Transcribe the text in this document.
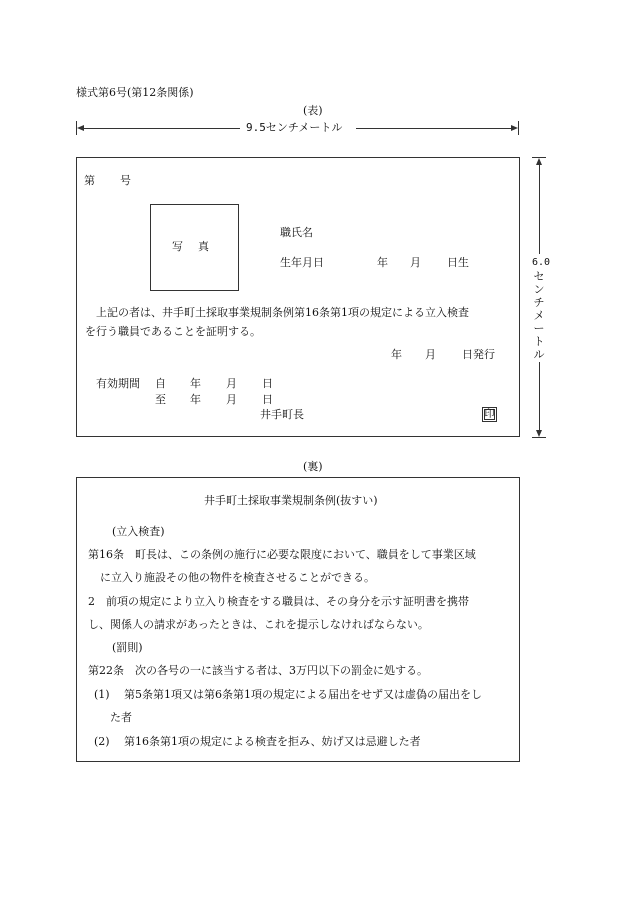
様式第6号(第12条関係)
(表)
9.5センチメートル
第 号
写　真
職氏名
生年月日	年 月 日生
上記の者は、井手町土採取事業規制条例第16条第1項の規定による立入検査
を行う職員であることを証明する。
年 月 日発行
有効期間 自 年 月 日
至 年 月 日
井手町長	印
6.0
セ
ン
チ
メ
ー
ト
ル
(裏)
井手町土採取事業規制条例(抜すい)
(立入検査)
第16条　町長は、この条例の施行に必要な限度において、職員をして事業区域
に立入り施設その他の物件を検査させることができる。
2　前項の規定により立入り検査をする職員は、その身分を示す証明書を携帯
し、関係人の請求があったときは、これを提示しなければならない。
(罰則)
第22条　次の各号の一に該当する者は、3万円以下の罰金に処する。
(1) 第5条第1項又は第6条第1項の規定による届出をせず又は虚偽の届出をし
た者
(2) 第16条第1項の規定による検査を拒み、妨げ又は忌避した者
